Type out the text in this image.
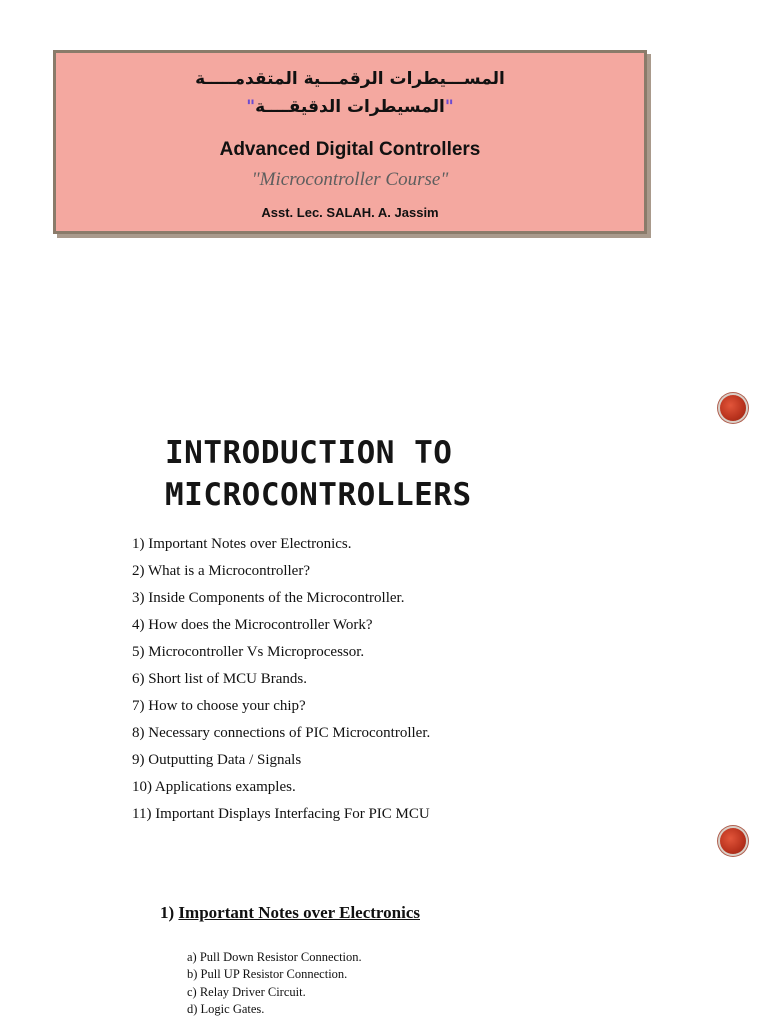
المســـيطرات الرقمـــية المتقدمـــــة
"المسيطرات الدقيقــــة"
Advanced Digital Controllers
"Microcontroller Course"
Asst. Lec. SALAH. A. Jassim
INTRODUCTION TO
MICROCONTROLLERS
1) Important Notes over Electronics.
2) What is a Microcontroller?
3) Inside Components of the Microcontroller.
4) How does the Microcontroller Work?
5) Microcontroller Vs Microprocessor.
6) Short list of MCU Brands.
7) How to choose your chip?
8) Necessary connections of PIC Microcontroller.
9) Outputting Data / Signals
10) Applications examples.
11) Important Displays Interfacing For PIC MCU
1) Important Notes over Electronics
a) Pull Down Resistor Connection.
b) Pull UP Resistor Connection.
c) Relay Driver Circuit.
d) Logic Gates.
